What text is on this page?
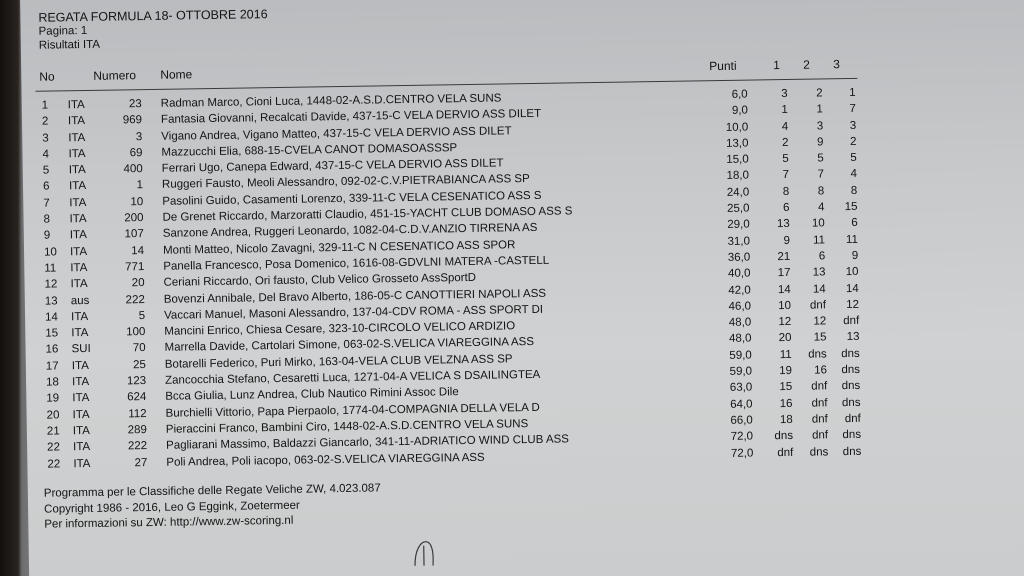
REGATA FORMULA 18- OTTOBRE 2016
Pagina: 1
Risultati ITA
No	Numero Nome
Punti	1 2 3
1	ITA	23 Radman Marco, Cioni Luca, 1448-02-A.S.D.CENTRO VELA SUNS	6,0	3	2	1
2	ITA	969 Fantasia Giovanni, Recalcati Davide, 437-15-C VELA DERVIO ASS DILET	9,0	1	1	7
3	ITA	3 Vigano Andrea, Vigano Matteo, 437-15-C VELA DERVIO ASS DILET	10,0	4	3	3
4	ITA	69 Mazzucchi Elia, 688-15-CVELA CANOT DOMASOASSSP	13,0	2	9	2
5	ITA	400 Ferrari Ugo, Canepa Edward, 437-15-C VELA DERVIO ASS DILET	15,0	5	5	5
6	ITA	1 Ruggeri Fausto, Meoli Alessandro, 092-02-C.V.PIETRABIANCA ASS SP	18,0	7	7	4
7	ITA	10 Pasolini Guido, Casamenti Lorenzo, 339-11-C VELA CESENATICO ASS S	24,0	8	8	8
8	ITA	200 De Grenet Riccardo, Marzoratti Claudio, 451-15-YACHT CLUB DOMASO ASS S	25,0	6	4	15
9	ITA	107 Sanzone Andrea, Ruggeri Leonardo, 1082-04-C.D.V.ANZIO TIRRENA AS	29,0	13	10	6
10	ITA	14 Monti Matteo, Nicolo Zavagni, 329-11-C N CESENATICO ASS SPOR	31,0	9	11	11
11	ITA	771 Panella Francesco, Posa Domenico, 1616-08-GDVLNI MATERA -CASTELL	36,0	21	6	9
12	ITA	20 Ceriani Riccardo, Ori fausto, Club Velico Grosseto AssSportD	40,0	17	13	10
13	aus	222 Bovenzi Annibale, Del Bravo Alberto, 186-05-C CANOTTIERI NAPOLI ASS	42,0	14	14	14
14	ITA	5 Vaccari Manuel, Masoni Alessandro, 137-04-CDV ROMA - ASS SPORT DI	46,0	10	dnf	12
15	ITA	100 Mancini Enrico, Chiesa Cesare, 323-10-CIRCOLO VELICO ARDIZIO	48,0	12	12	dnf
16	SUI	70 Marrella Davide, Cartolari Simone, 063-02-S.VELICA VIAREGGINA ASS	48,0	20	15	13
17	ITA	25 Botarelli Federico, Puri Mirko, 163-04-VELA CLUB VELZNA ASS SP	59,0	11	dns	dns
18	ITA	123 Zancocchia Stefano, Cesaretti Luca, 1271-04-A VELICA S DSAILINGTEA	59,0	19	16	dns
19	ITA	624 Bcca Giulia, Lunz Andrea, Club Nautico Rimini Assoc Dile	63,0	15	dnf	dns
20	ITA	112 Burchielli Vittorio, Papa Pierpaolo, 1774-04-COMPAGNIA DELLA VELA D	64,0	16	dnf	dns
21	ITA	289 Pieraccini Franco, Bambini Ciro, 1448-02-A.S.D.CENTRO VELA SUNS	66,0	18	dnf	dnf
22	ITA	222 Pagliarani Massimo, Baldazzi Giancarlo, 341-11-ADRIATICO WIND CLUB ASS	72,0	dns	dnf	dns
22	ITA	27 Poli Andrea, Poli iacopo, 063-02-S.VELICA VIAREGGINA ASS	72,0	dnf	dns	dns
Programma per le Classifiche delle Regate Veliche ZW, 4.023.087
Copyright 1986 - 2016, Leo G Eggink, Zoetermeer
Per informazioni su ZW: http://www.zw-scoring.nl
